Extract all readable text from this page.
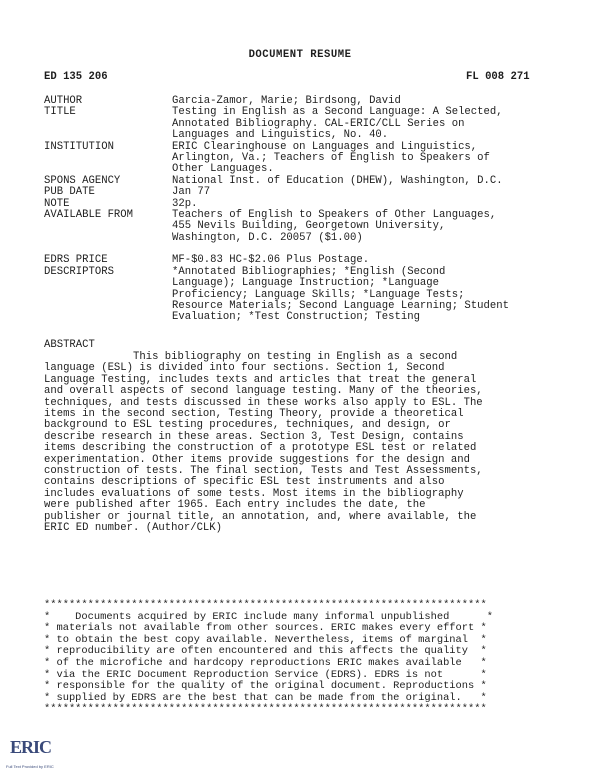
DOCUMENT RESUME
ED 135 206	FL 008 271
AUTHOR	Garcia-Zamor, Marie; Birdsong, David
TITLE	Testing in English as a Second Language: A Selected,
Annotated Bibliography. CAL-ERIC/CLL Series on
Languages and Linguistics, No. 40.
INSTITUTION	ERIC Clearinghouse on Languages and Linguistics,
Arlington, Va.; Teachers of English to Speakers of
Other Languages.
SPONS AGENCY	National Inst. of Education (DHEW), Washington, D.C.
PUB DATE	Jan 77
NOTE	32p.
AVAILABLE FROM	Teachers of English to Speakers of Other Languages,
455 Nevils Building, Georgetown University,
Washington, D.C. 20057 ($1.00)
EDRS PRICE	MF-$0.83 HC-$2.06 Plus Postage.
DESCRIPTORS	*Annotated Bibliographies; *English (Second
Language); Language Instruction; *Language
Proficiency; Language Skills; *Language Tests;
Resource Materials; Second Language Learning; Student
Evaluation; *Test Construction; Testing
ABSTRACT
This bibliography on testing in English as a second
language (ESL) is divided into four sections. Section 1, Second
Language Testing, includes texts and articles that treat the general
and overall aspects of second language testing. Many of the theories,
techniques, and tests discussed in these works also apply to ESL. The
items in the second section, Testing Theory, provide a theoretical
background to ESL testing procedures, techniques, and design, or
describe research in these areas. Section 3, Test Design, contains
items describing the construction of a prototype ESL test or related
experimentation. Other items provide suggestions for the design and
construction of tests. The final section, Tests and Test Assessments,
contains descriptions of specific ESL test instruments and also
includes evaluations of some tests. Most items in the bibliography
were published after 1965. Each entry includes the date, the
publisher or journal title, an annotation, and, where available, the
ERIC ED number. (Author/CLK)
***********************************************************************
*    Documents acquired by ERIC include many informal unpublished      *
* materials not available from other sources. ERIC makes every effort *
* to obtain the best copy available. Nevertheless, items of marginal  *
* reproducibility are often encountered and this affects the quality  *
* of the microfiche and hardcopy reproductions ERIC makes available   *
* via the ERIC Document Reproduction Service (EDRS). EDRS is not      *
* responsible for the quality of the original document. Reproductions *
* supplied by EDRS are the best that can be made from the original.   *
***********************************************************************
ERIC
Full Text Provided by ERIC
